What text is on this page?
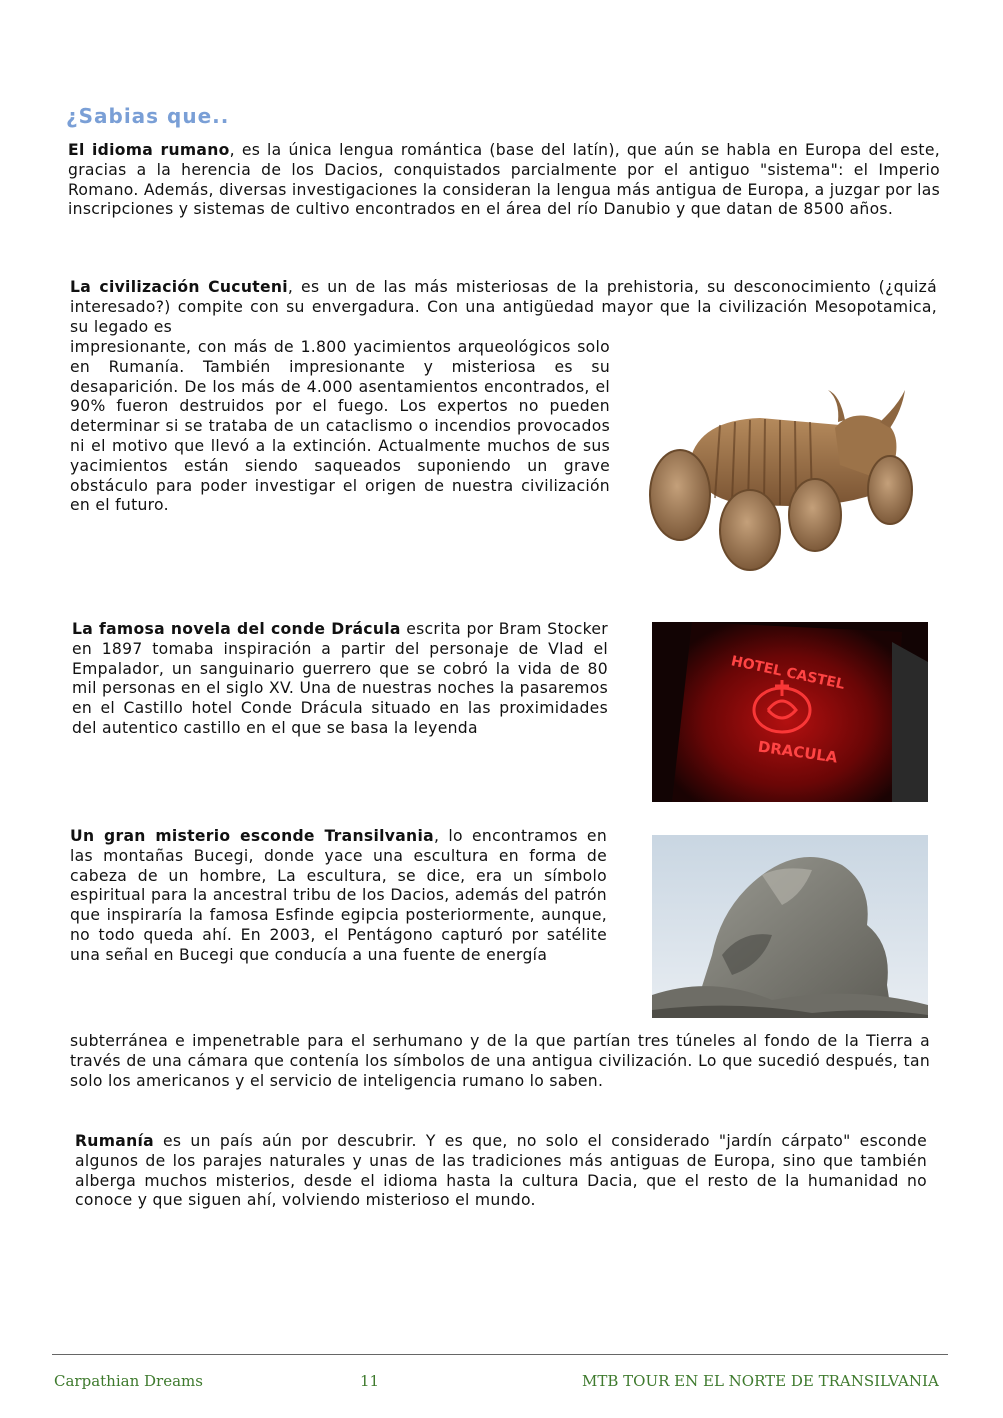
¿Sabias que..

El idioma rumano, es la única lengua romántica (base del latín), que aún se habla en Europa del este, gracias a la herencia de los Dacios, conquistados parcialmente por el antiguo "sistema": el Imperio Romano. Además, diversas investigaciones la consideran la lengua más antigua de Europa, a juzgar por las inscripciones y sistemas de cultivo encontrados en el área del río Danubio y que datan de 8500 años.

La civilización Cucuteni, es un de las más misteriosas de la prehistoria, su desconocimiento (¿quizá interesado?) compite con su envergadura. Con una antigüedad mayor que la civilización Mesopotamica, su legado es

impresionante, con más de 1.800 yacimientos arqueológicos solo en Rumanía. También impresionante y misteriosa es su desaparición. De los más de 4.000 asentamientos encontrados, el 90% fueron destruidos por el fuego. Los expertos no pueden determinar si se trataba de un cataclismo o incendios provocados ni el motivo que llevó a la extinción. Actualmente muchos de sus yacimientos están siendo saqueados suponiendo un grave obstáculo para poder investigar el origen de nuestra civilización en el futuro.

La famosa novela del conde Drácula escrita por Bram Stocker en 1897 tomaba inspiración a partir del personaje de Vlad el Empalador, un sanguinario guerrero que se cobró la vida de 80 mil personas en el siglo XV. Una de nuestras noches la pasaremos en el Castillo hotel Conde Drácula situado en las proximidades del autentico castillo en el que se basa la leyenda

HOTEL CASTEL
DRACULA

Un gran misterio esconde Transilvania, lo encontramos en las montañas Bucegi, donde yace una escultura en forma de cabeza de un hombre, La escultura, se dice, era un símbolo espiritual para la ancestral tribu de los Dacios, además del patrón que inspiraría la famosa Esfinde egipcia posteriormente, aunque, no todo queda ahí. En 2003, el Pentágono capturó por satélite una señal en Bucegi que conducía a una fuente de energía

subterránea e impenetrable para el serhumano y de la que partían tres túneles al fondo de la Tierra a través de una cámara que contenía los símbolos de una antigua civilización. Lo que sucedió después, tan solo los americanos y el servicio de inteligencia rumano lo saben.

Rumanía es un país aún por descubrir. Y es que, no solo el considerado "jardín cárpato" esconde algunos de los parajes naturales y unas de las tradiciones más antiguas de Europa, sino que también alberga muchos misterios, desde el idioma hasta la cultura Dacia, que el resto de la humanidad no conoce y que siguen ahí, volviendo misterioso el mundo.

Carpathian Dreams	11	MTB TOUR EN EL NORTE DE TRANSILVANIA
